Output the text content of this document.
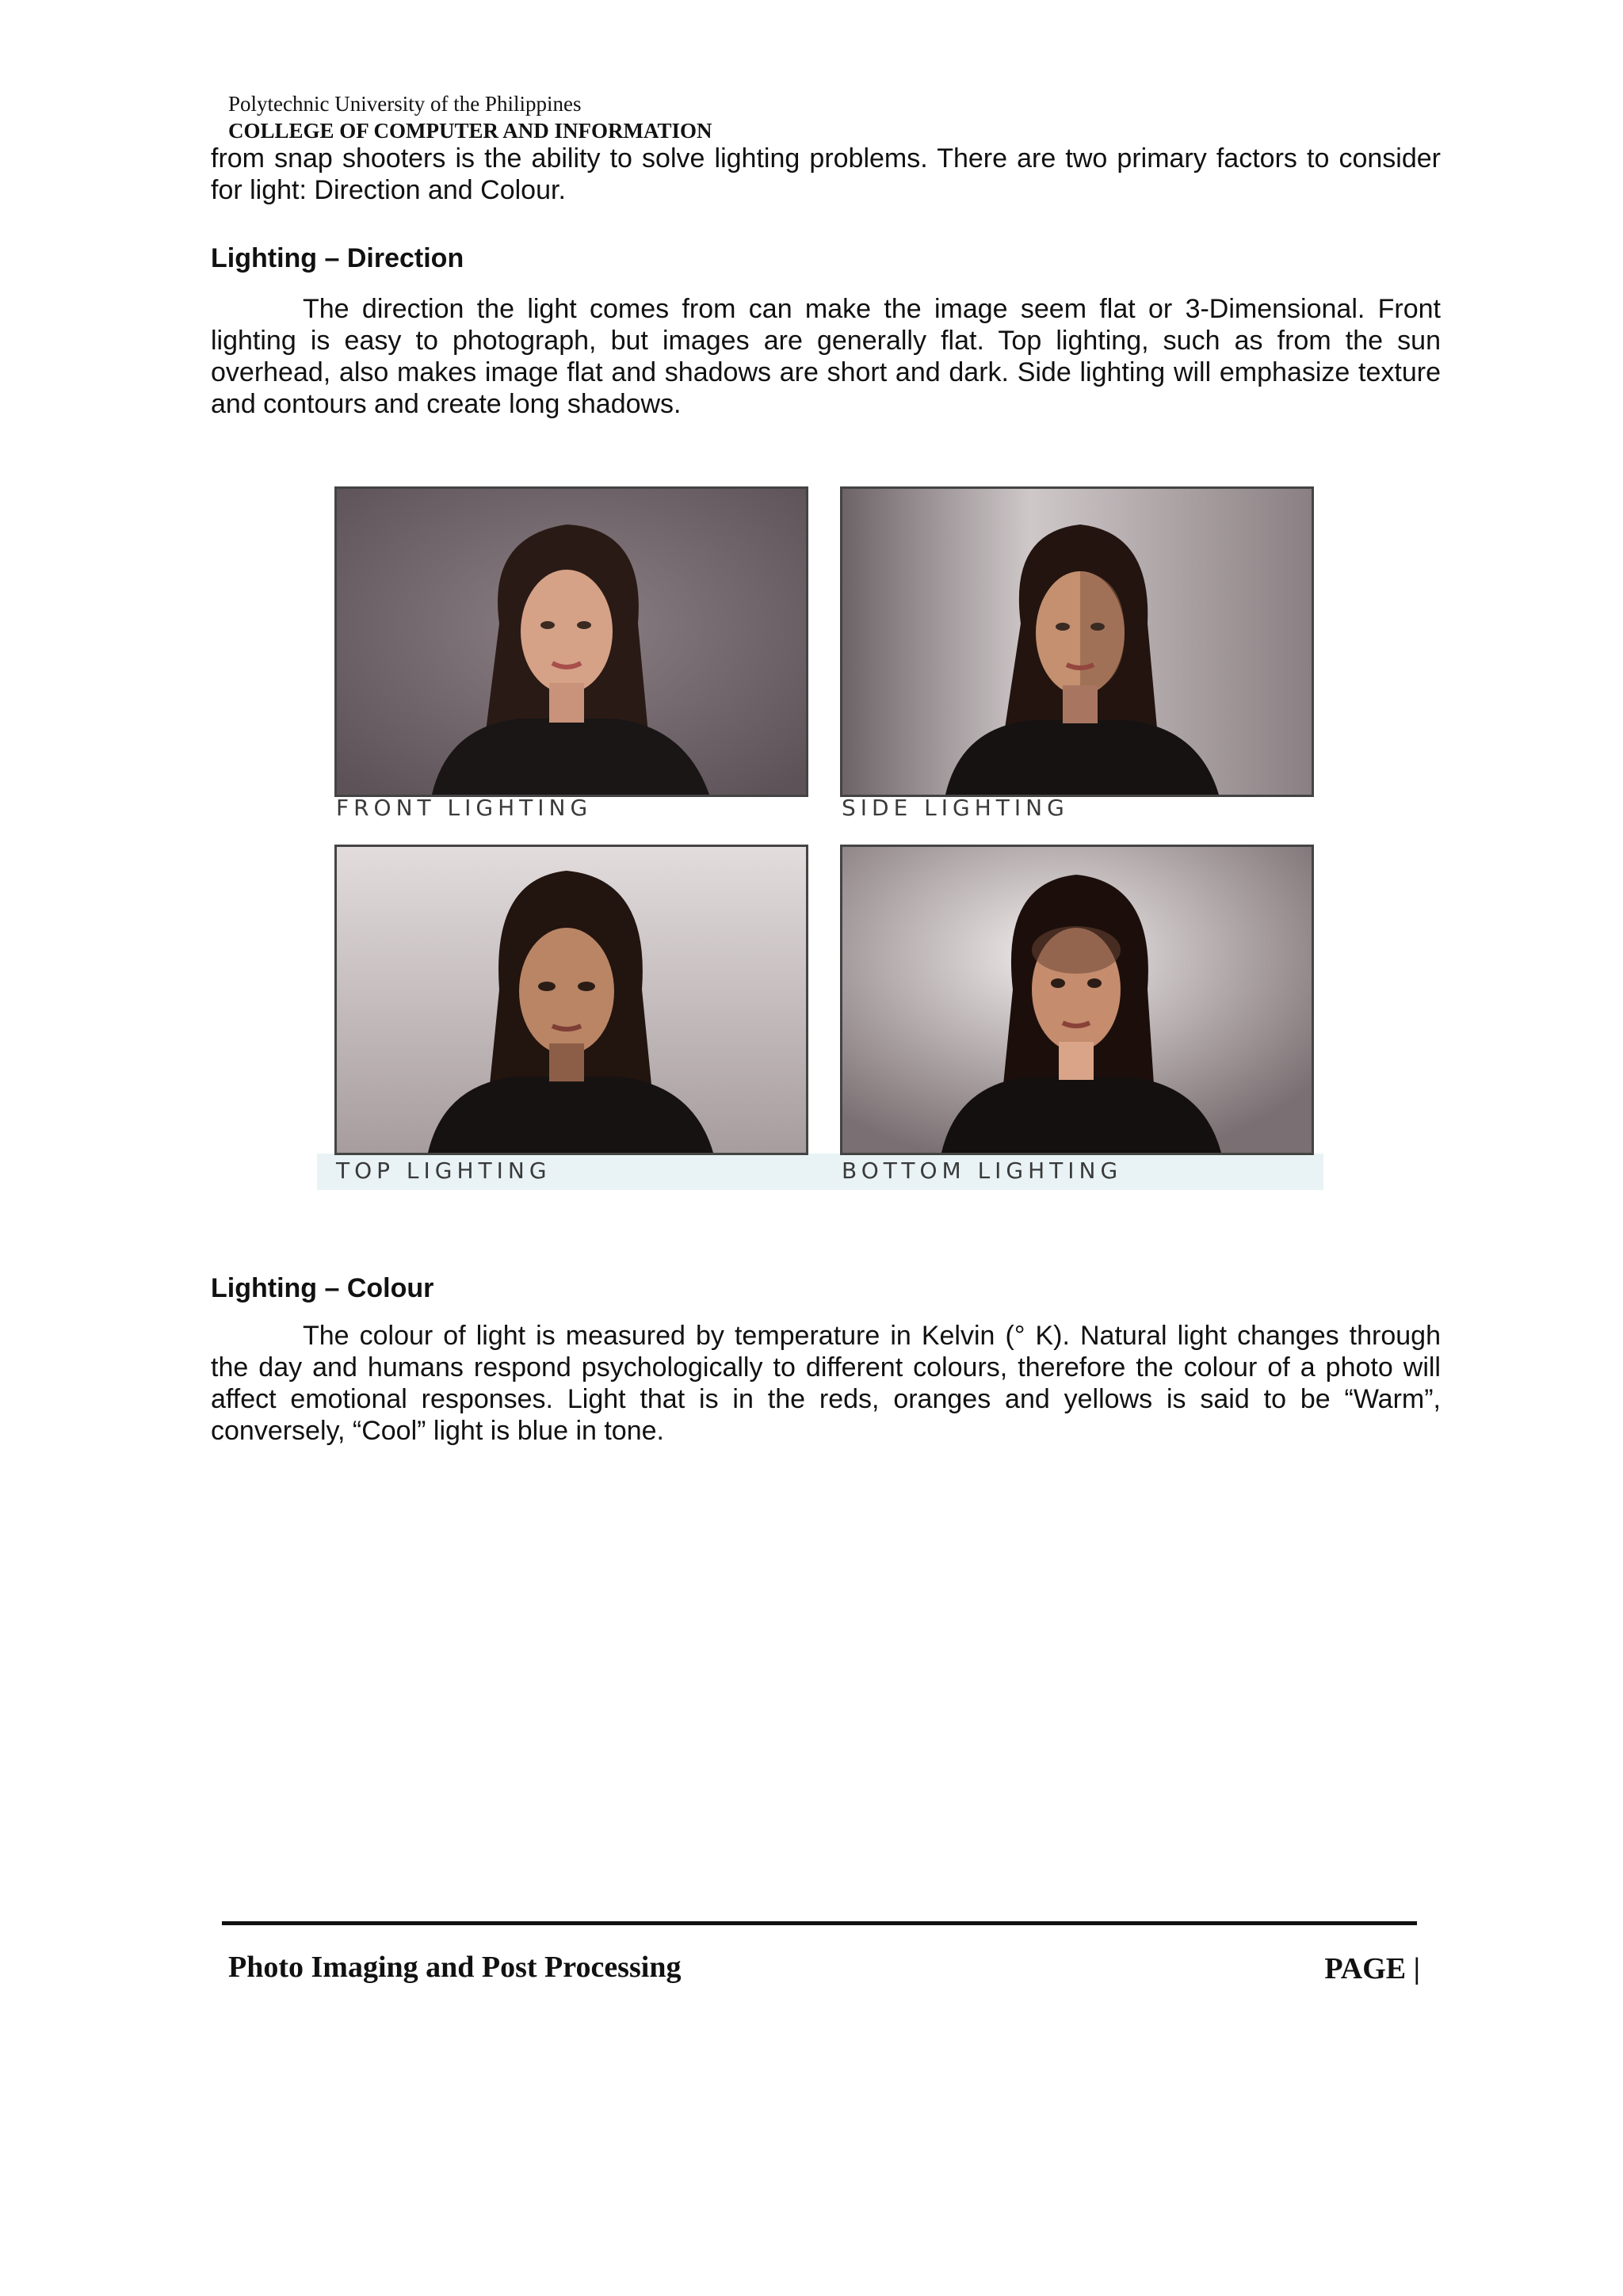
Polytechnic University of the Philippines
COLLEGE OF COMPUTER AND INFORMATION

from snap shooters is the ability to solve lighting problems. There are two primary factors to consider for light: Direction and Colour.

Lighting – Direction

The direction the light comes from can make the image seem flat or 3-Dimensional. Front lighting is easy to photograph, but images are generally flat. Top lighting, such as from the sun overhead, also makes image flat and shadows are short and dark. Side lighting will emphasize texture and contours and create long shadows.

FRONT LIGHTING	SIDE LIGHTING
TOP LIGHTING	BOTTOM LIGHTING

Lighting – Colour

The colour of light is measured by temperature in Kelvin (° K). Natural light changes through the day and humans respond psychologically to different colours, therefore the colour of a photo will affect emotional responses. Light that is in the reds, oranges and yellows is said to be “Warm”, conversely, “Cool” light is blue in tone.

Photo Imaging and Post Processing	PAGE |
